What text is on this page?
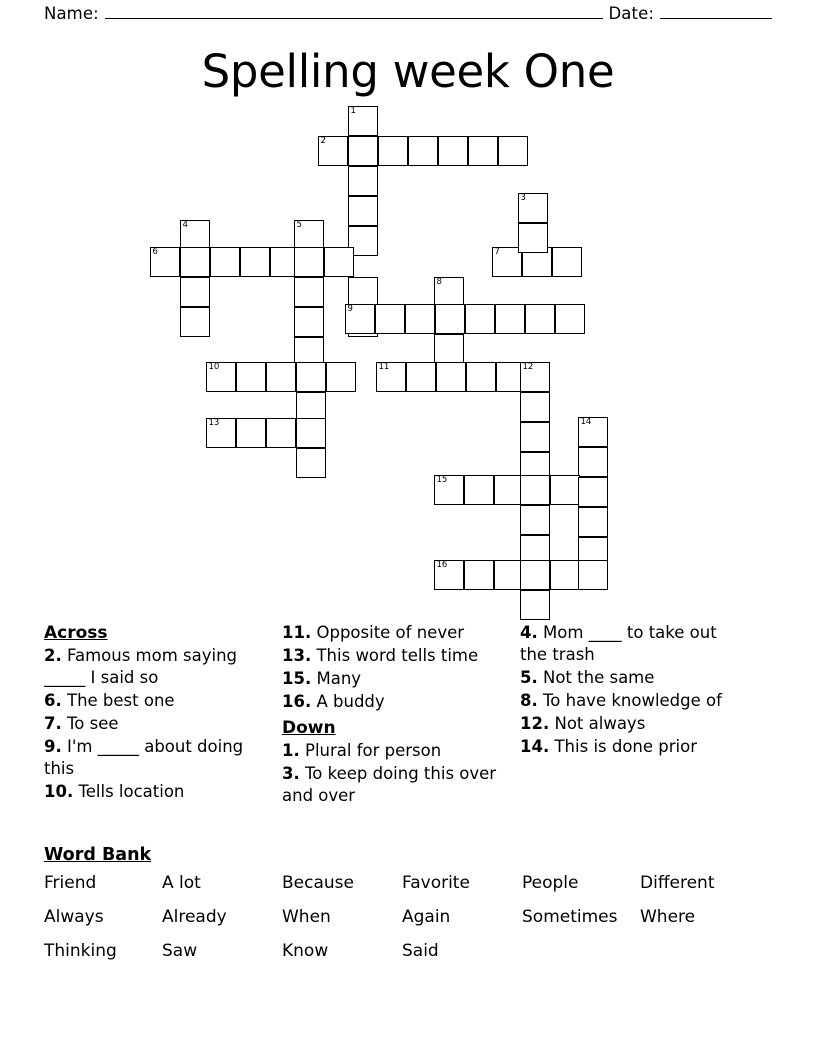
Name:	Date:
Spelling week One
1
2
3
4	5
6	7
8
9
10	11	12
13	14
15
16
Across
2. Famous mom saying _____ I said so
6. The best one
7. To see
9. I'm _____ about doing this
10. Tells location
11. Opposite of never
13. This word tells time
15. Many
16. A buddy
Down
1. Plural for person
3. To keep doing this over and over
4. Mom ____ to take out the trash
5. Not the same
8. To have knowledge of
12. Not always
14. This is done prior
Word Bank
Friend	A lot	Because	Favorite	People	Different
Always	Already	When	Again	Sometimes	Where
Thinking	Saw	Know	Said
